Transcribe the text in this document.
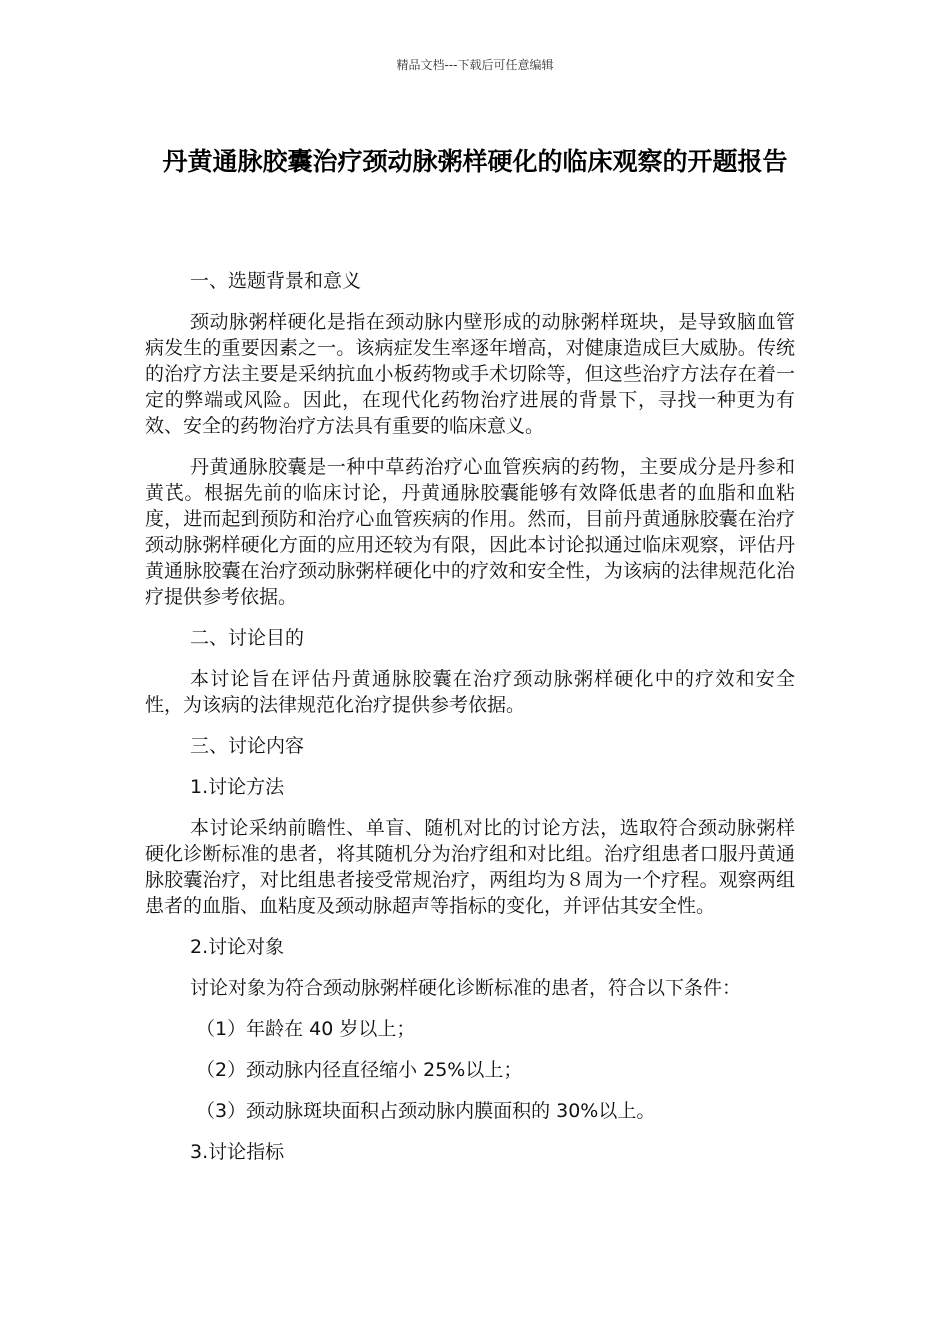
精品文档---下载后可任意编辑
丹黄通脉胶囊治疗颈动脉粥样硬化的临床观察的开题报告

一、选题背景和意义

颈动脉粥样硬化是指在颈动脉内壁形成的动脉粥样斑块，是导致脑血管病发生的重要因素之一。该病症发生率逐年增高，对健康造成巨大威胁。传统的治疗方法主要是采纳抗血小板药物或手术切除等，但这些治疗方法存在着一定的弊端或风险。因此，在现代化药物治疗进展的背景下，寻找一种更为有效、安全的药物治疗方法具有重要的临床意义。

丹黄通脉胶囊是一种中草药治疗心血管疾病的药物，主要成分是丹参和黄芪。根据先前的临床讨论，丹黄通脉胶囊能够有效降低患者的血脂和血粘度，进而起到预防和治疗心血管疾病的作用。然而，目前丹黄通脉胶囊在治疗颈动脉粥样硬化方面的应用还较为有限，因此本讨论拟通过临床观察，评估丹黄通脉胶囊在治疗颈动脉粥样硬化中的疗效和安全性，为该病的法律规范化治疗提供参考依据。

二、讨论目的

本讨论旨在评估丹黄通脉胶囊在治疗颈动脉粥样硬化中的疗效和安全性，为该病的法律规范化治疗提供参考依据。

三、讨论内容

1.讨论方法

本讨论采纳前瞻性、单盲、随机对比的讨论方法，选取符合颈动脉粥样硬化诊断标准的患者，将其随机分为治疗组和对比组。治疗组患者口服丹黄通脉胶囊治疗，对比组患者接受常规治疗，两组均为８周为一个疗程。观察两组患者的血脂、血粘度及颈动脉超声等指标的变化，并评估其安全性。

2.讨论对象

讨论对象为符合颈动脉粥样硬化诊断标准的患者，符合以下条件：

（1）年龄在 40 岁以上；

（2）颈动脉内径直径缩小 25%以上；

（3）颈动脉斑块面积占颈动脉内膜面积的 30%以上。

3.讨论指标
